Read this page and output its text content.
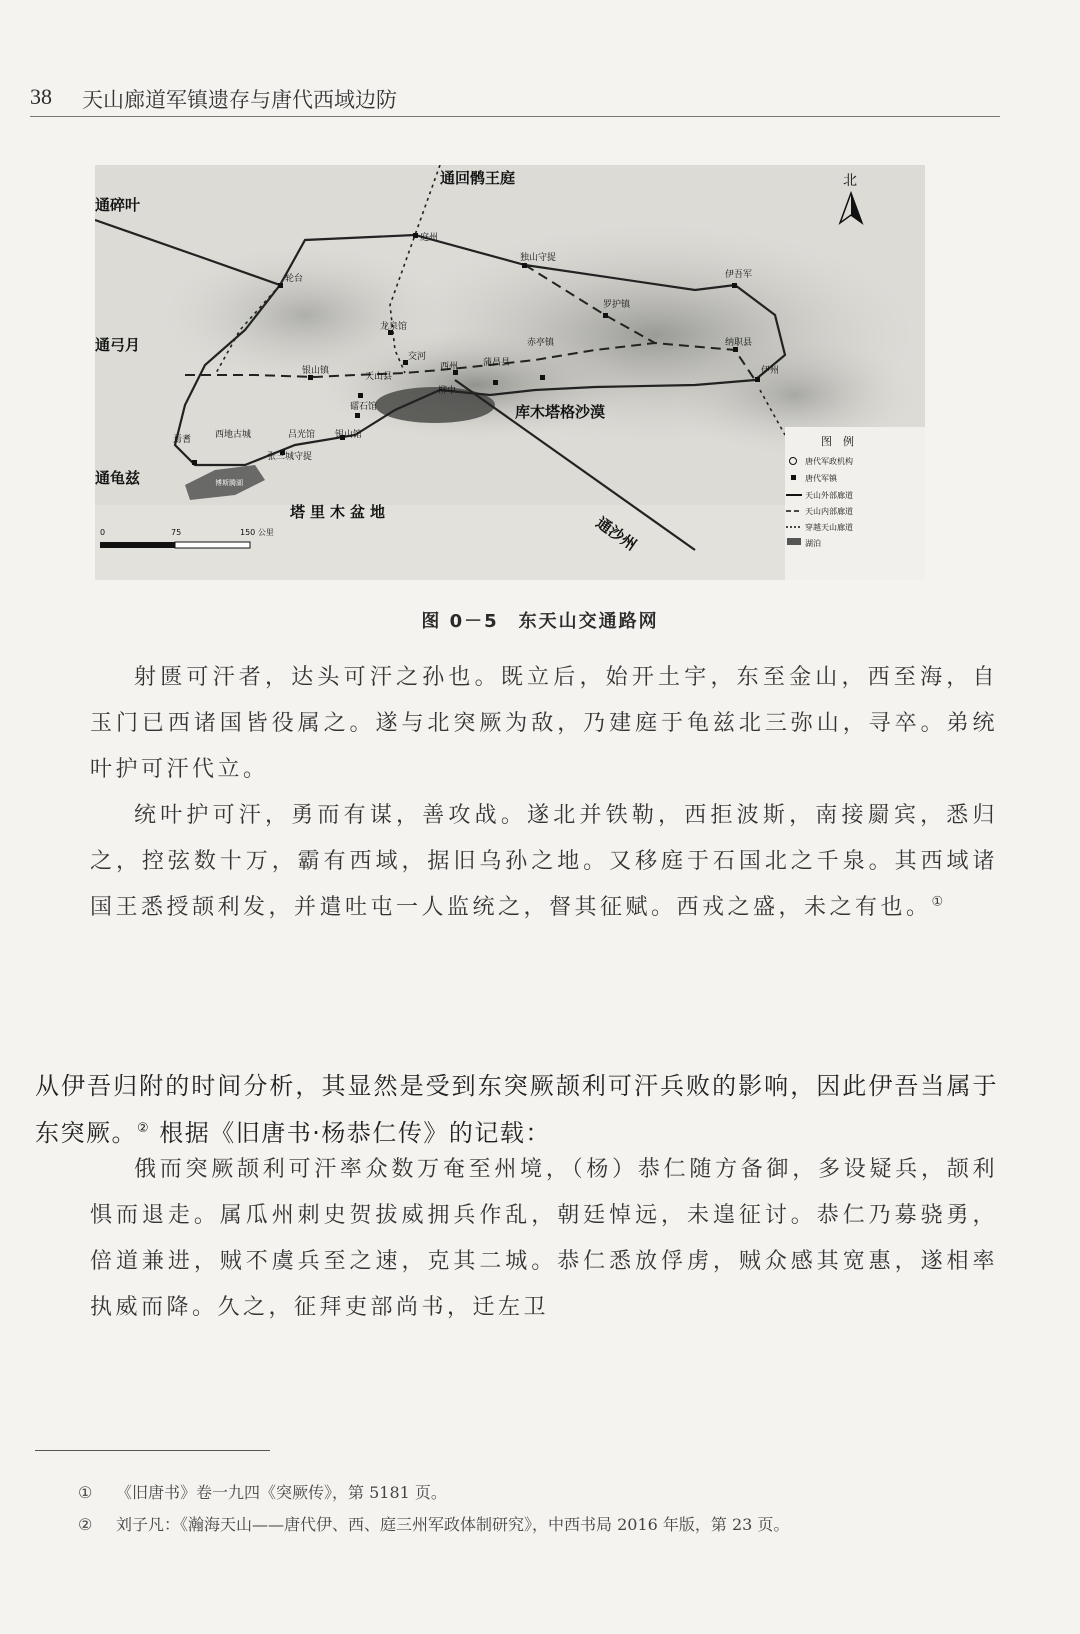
38 天山廊道军镇遗存与唐代西域边防
庭州
轮台
独山守捉
伊吾军
罗护镇
龙泉馆
交河
西州
柳中
赤亭镇
蒲昌县
纳职县
伊州
银山镇
天山县
礌石馆
焉耆	西地古城	吕光馆 银山馆
张三城守捉
博斯腾湖
通回鹘王庭
通碎叶
通弓月
通龟兹
通沙州
塔里木盆地
库木塔格沙漠
北
0	75	150 公里
图　例
唐代军政机构
唐代军镇
天山外部廊道
天山内部廊道
穿越天山廊道
湖泊
图 0－5　东天山交通路网

射匮可汗者，达头可汗之孙也。既立后，始开土宇，东至金山，西至海，自玉门已西诸国皆役属之。遂与北突厥为敌，乃建庭于龟兹北三弥山，寻卒。弟统叶护可汗代立。

统叶护可汗，勇而有谋，善攻战。遂北并铁勒，西拒波斯，南接罽宾，悉归之，控弦数十万，霸有西域，据旧乌孙之地。又移庭于石国北之千泉。其西域诸国王悉授颉利发，并遣吐屯一人监统之，督其征赋。西戎之盛，未之有也。①

从伊吾归附的时间分析，其显然是受到东突厥颉利可汗兵败的影响，因此伊吾当属于东突厥。② 根据《旧唐书·杨恭仁传》的记载：

俄而突厥颉利可汗率众数万奄至州境，（杨）恭仁随方备御，多设疑兵，颉利惧而退走。属瓜州刺史贺拔威拥兵作乱，朝廷悼远，未遑征讨。恭仁乃募骁勇，倍道兼进，贼不虞兵至之速，克其二城。恭仁悉放俘虏，贼众感其宽惠，遂相率执威而降。久之，征拜吏部尚书，迁左卫

①	《旧唐书》卷一九四《突厥传》，第 5181 页。
②	刘子凡：《瀚海天山——唐代伊、西、庭三州军政体制研究》，中西书局 2016 年版，第 23 页。
